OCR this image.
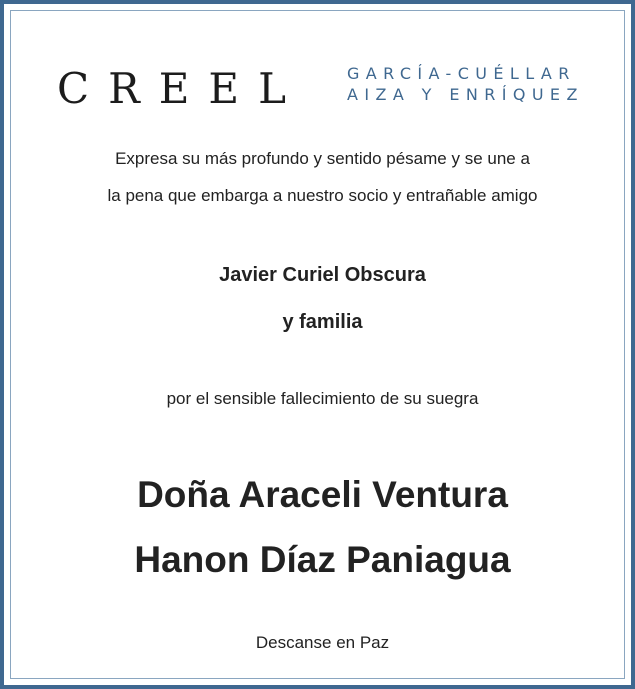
CREEL	GARCÍA-CUÉLLAR
AIZA Y ENRÍQUEZ
Expresa su más profundo y sentido pésame y se une a
la pena que embarga a nuestro socio y entrañable amigo
Javier Curiel Obscura
y familia
por el sensible fallecimiento de su suegra
Doña Araceli Ventura
Hanon Díaz Paniagua
Descanse en Paz
